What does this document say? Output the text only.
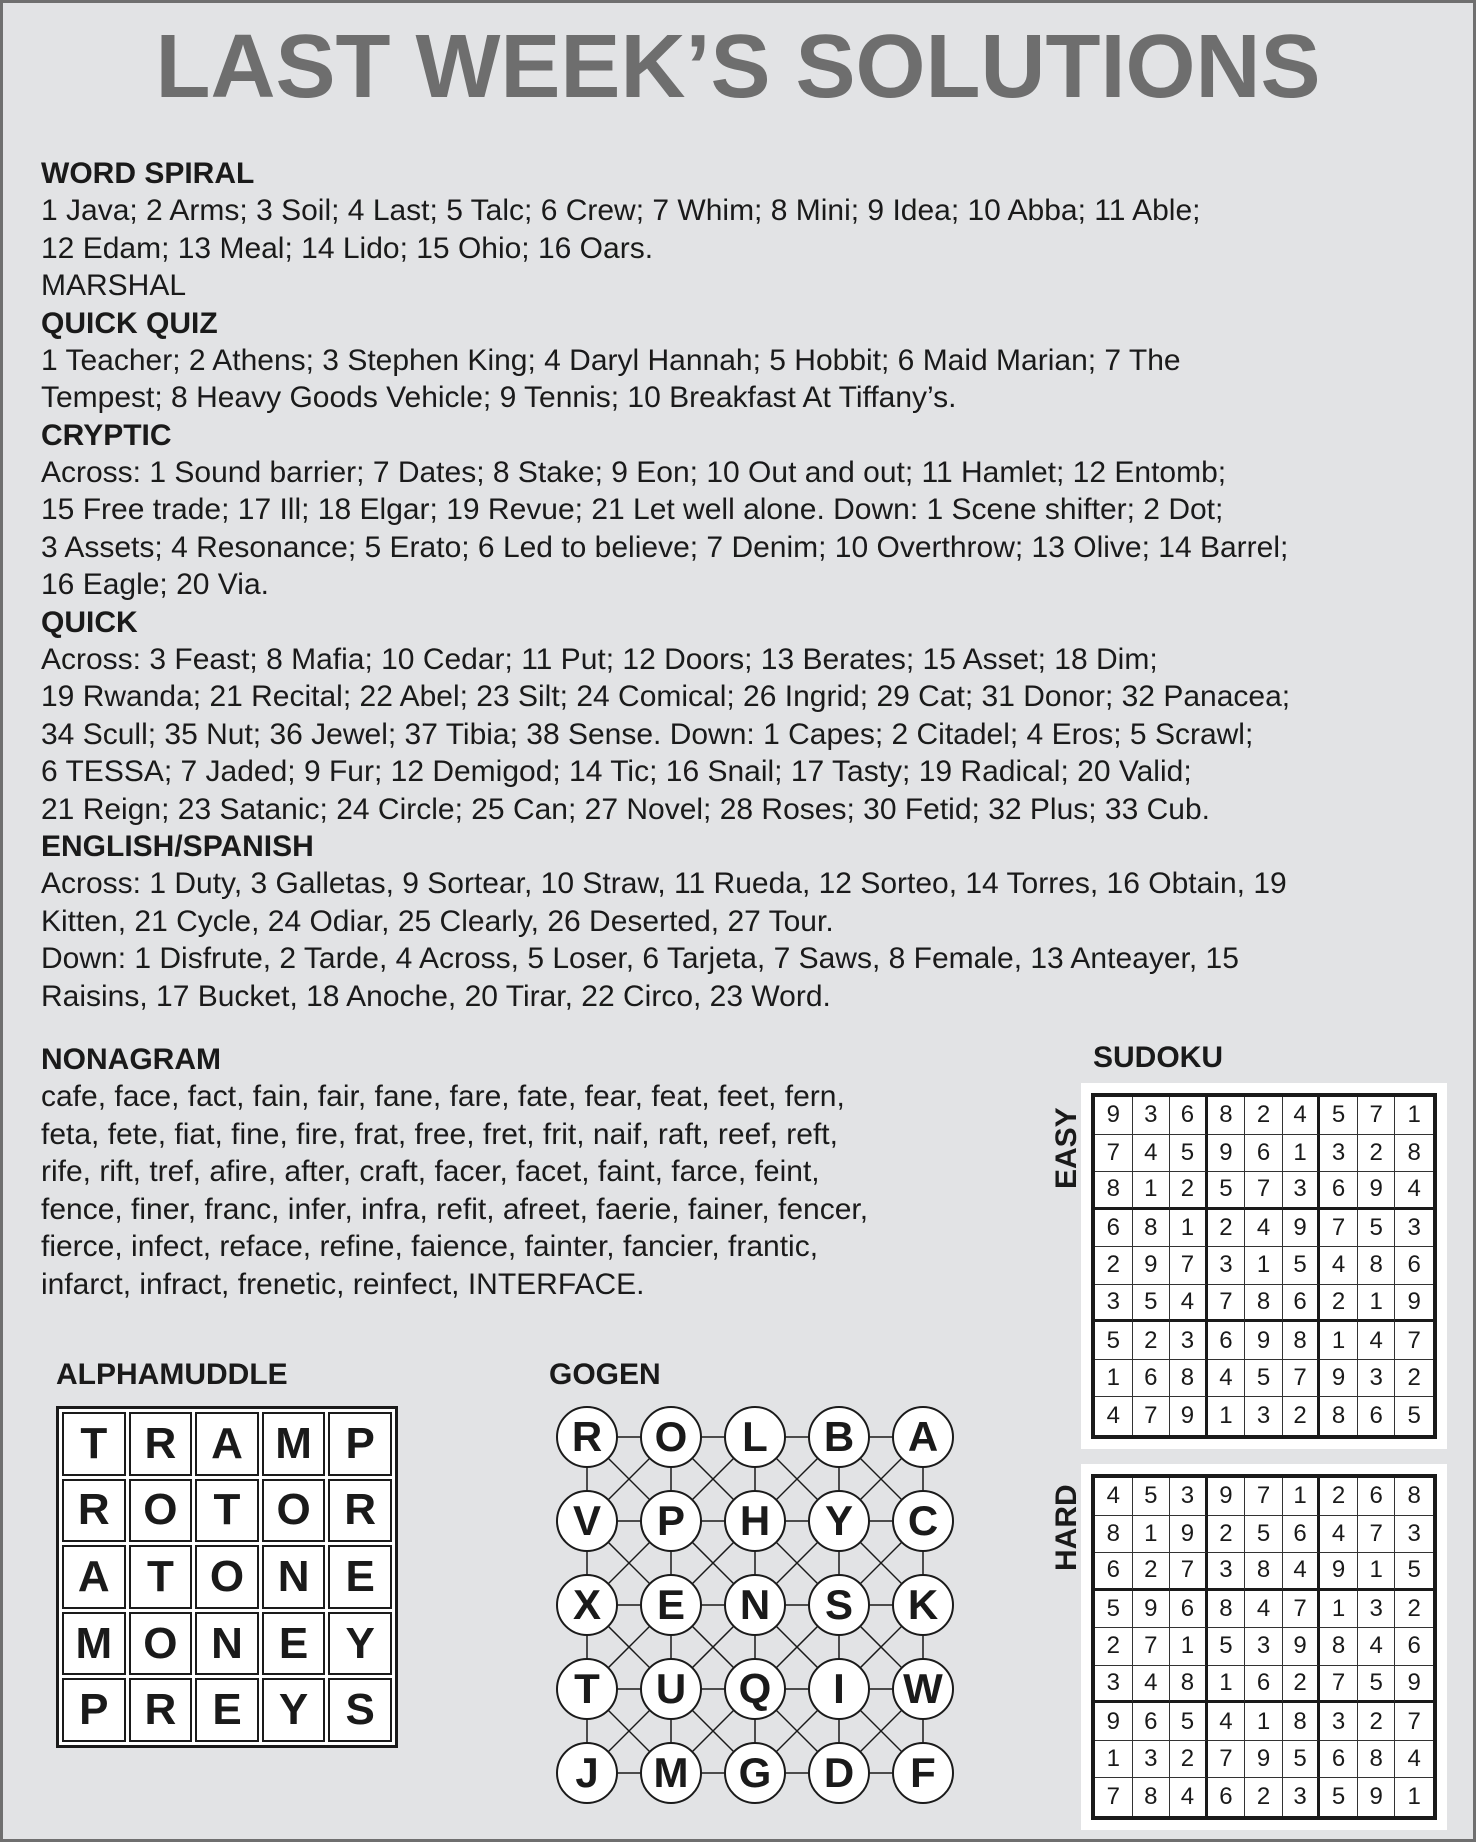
LAST WEEK’S SOLUTIONS
WORD SPIRAL
1 Java; 2 Arms; 3 Soil; 4 Last; 5 Talc; 6 Crew; 7 Whim; 8 Mini; 9 Idea; 10 Abba; 11 Able;
12 Edam; 13 Meal; 14 Lido; 15 Ohio; 16 Oars.
MARSHAL
QUICK QUIZ
1 Teacher; 2 Athens; 3 Stephen King; 4 Daryl Hannah; 5 Hobbit; 6 Maid Marian; 7 The
Tempest; 8 Heavy Goods Vehicle; 9 Tennis; 10 Breakfast At Tiffany’s.
CRYPTIC
Across: 1 Sound barrier; 7 Dates; 8 Stake; 9 Eon; 10 Out and out; 11 Hamlet; 12 Entomb;
15 Free trade; 17 Ill; 18 Elgar; 19 Revue; 21 Let well alone. Down: 1 Scene shifter; 2 Dot;
3 Assets; 4 Resonance; 5 Erato; 6 Led to believe; 7 Denim; 10 Overthrow; 13 Olive; 14 Barrel;
16 Eagle; 20 Via.
QUICK
Across: 3 Feast; 8 Mafia; 10 Cedar; 11 Put; 12 Doors; 13 Berates; 15 Asset; 18 Dim;
19 Rwanda; 21 Recital; 22 Abel; 23 Silt; 24 Comical; 26 Ingrid; 29 Cat; 31 Donor; 32 Panacea;
34 Scull; 35 Nut; 36 Jewel; 37 Tibia; 38 Sense. Down: 1 Capes; 2 Citadel; 4 Eros; 5 Scrawl;
6 TESSA; 7 Jaded; 9 Fur; 12 Demigod; 14 Tic; 16 Snail; 17 Tasty; 19 Radical; 20 Valid;
21 Reign; 23 Satanic; 24 Circle; 25 Can; 27 Novel; 28 Roses; 30 Fetid; 32 Plus; 33 Cub.
ENGLISH/SPANISH
Across: 1 Duty, 3 Galletas, 9 Sortear, 10 Straw, 11 Rueda, 12 Sorteo, 14 Torres, 16 Obtain, 19
Kitten, 21 Cycle, 24 Odiar, 25 Clearly, 26 Deserted, 27 Tour.
Down: 1 Disfrute, 2 Tarde, 4 Across, 5 Loser, 6 Tarjeta, 7 Saws, 8 Female, 13 Anteayer, 15
Raisins, 17 Bucket, 18 Anoche, 20 Tirar, 22 Circo, 23 Word.
NONAGRAM
cafe, face, fact, fain, fair, fane, fare, fate, fear, feat, feet, fern,
feta, fete, fiat, fine, fire, frat, free, fret, frit, naif, raft, reef, reft,
rife, rift, tref, afire, after, craft, facer, facet, faint, farce, feint,
fence, finer, franc, infer, infra, refit, afreet, faerie, fainer, fencer,
fierce, infect, reface, refine, faience, fainter, fancier, frantic,
infarct, infract, frenetic, reinfect, INTERFACE.
SUDOKU
EASY 9	3 6	8	2 4	5	7	1
7	4 5	9	6 1	3	2	8
8	1 2	5	7 3	6	9	4
6	8 1	2	4 9	7	5	3
2	9 7	3	1 5	4	8	6
3	5 4	7	8 6	2	1	9
5	2 3	6	9 8	1	4	7
1	6 8	4	5 7	9	3	2
4	7 9	1	3 2	8	6	5
HARD 4	5 3	9	7 1	2	6	8
8	1 9	2	5 6	4	7	3
6	2 7	3	8 4	9	1	5
5	9 6	8	4 7	1	3	2
2	7 1	5	3 9	8	4	6
3	4 8	1	6 2	7	5	9
9	6 5	4	1 8	3	2	7
1	3 2	7	9 5	6	8	4
7	8 4	6	2 3	5	9	1
ALPHAMUDDLE
T R A M P
R O T O R
A T O N E
M O N E Y
P R E Y S
GOGEN
R	O	L	B	A
V	P	H	Y	C
X	E	N	S	K
T	U	Q	I	W
J	M	G	D	F
